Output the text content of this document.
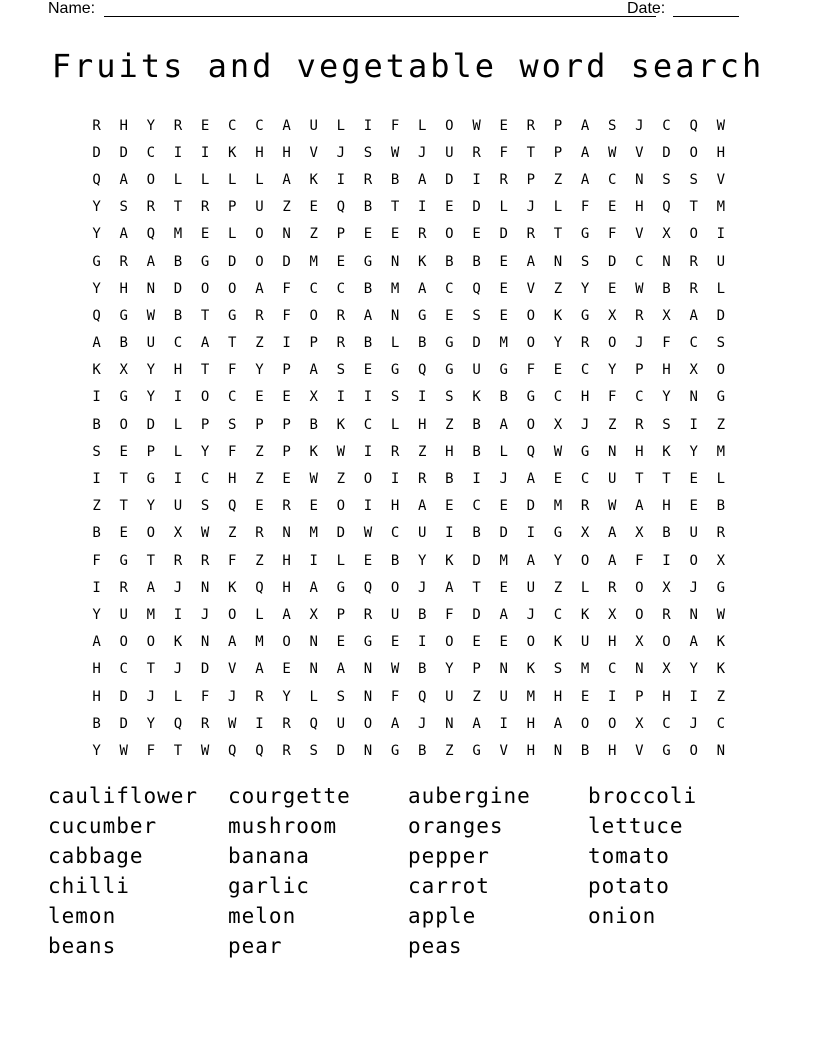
Name:	Date:
Fruits and vegetable word search
R	H	Y	R	E	C	C	A	U	L	I	F	L	O	W	E	R	P	A	S	J	C	Q	W
D	D	C	I	I	K	H	H	V	J	S	W	J	U	R	F	T	P	A	W	V	D	O	H
Q	A	O	L	L	L	L	A	K	I	R	B	A	D	I	R	P	Z	A	C	N	S	S	V
Y	S	R	T	R	P	U	Z	E	Q	B	T	I	E	D	L	J	L	F	E	H	Q	T	M
Y	A	Q	M	E	L	O	N	Z	P	E	E	R	O	E	D	R	T	G	F	V	X	O	I
G	R	A	B	G	D	O	D	M	E	G	N	K	B	B	E	A	N	S	D	C	N	R	U
Y	H	N	D	O	O	A	F	C	C	B	M	A	C	Q	E	V	Z	Y	E	W	B	R	L
Q	G	W	B	T	G	R	F	O	R	A	N	G	E	S	E	O	K	G	X	R	X	A	D
A	B	U	C	A	T	Z	I	P	R	B	L	B	G	D	M	O	Y	R	O	J	F	C	S
K	X	Y	H	T	F	Y	P	A	S	E	G	Q	G	U	G	F	E	C	Y	P	H	X	O
I	G	Y	I	O	C	E	E	X	I	I	S	I	S	K	B	G	C	H	F	C	Y	N	G
B	O	D	L	P	S	P	P	B	K	C	L	H	Z	B	A	O	X	J	Z	R	S	I	Z
S	E	P	L	Y	F	Z	P	K	W	I	R	Z	H	B	L	Q	W	G	N	H	K	Y	M
I	T	G	I	C	H	Z	E	W	Z	O	I	R	B	I	J	A	E	C	U	T	T	E	L
Z	T	Y	U	S	Q	E	R	E	O	I	H	A	E	C	E	D	M	R	W	A	H	E	B
B	E	O	X	W	Z	R	N	M	D	W	C	U	I	B	D	I	G	X	A	X	B	U	R
F	G	T	R	R	F	Z	H	I	L	E	B	Y	K	D	M	A	Y	O	A	F	I	O	X
I	R	A	J	N	K	Q	H	A	G	Q	O	J	A	T	E	U	Z	L	R	O	X	J	G
Y	U	M	I	J	O	L	A	X	P	R	U	B	F	D	A	J	C	K	X	O	R	N	W
A	O	O	K	N	A	M	O	N	E	G	E	I	O	E	E	O	K	U	H	X	O	A	K
H	C	T	J	D	V	A	E	N	A	N	W	B	Y	P	N	K	S	M	C	N	X	Y	K
H	D	J	L	F	J	R	Y	L	S	N	F	Q	U	Z	U	M	H	E	I	P	H	I	Z
B	D	Y	Q	R	W	I	R	Q	U	O	A	J	N	A	I	H	A	O	O	X	C	J	C
Y	W	F	T	W	Q	Q	R	S	D	N	G	B	Z	G	V	H	N	B	H	V	G	O	N
cauliflower	courgette	aubergine	broccoli
cucumber	mushroom	oranges	lettuce
cabbage	banana	pepper	tomato
chilli	garlic	carrot	potato
lemon	melon	apple	onion
beans	pear	peas
